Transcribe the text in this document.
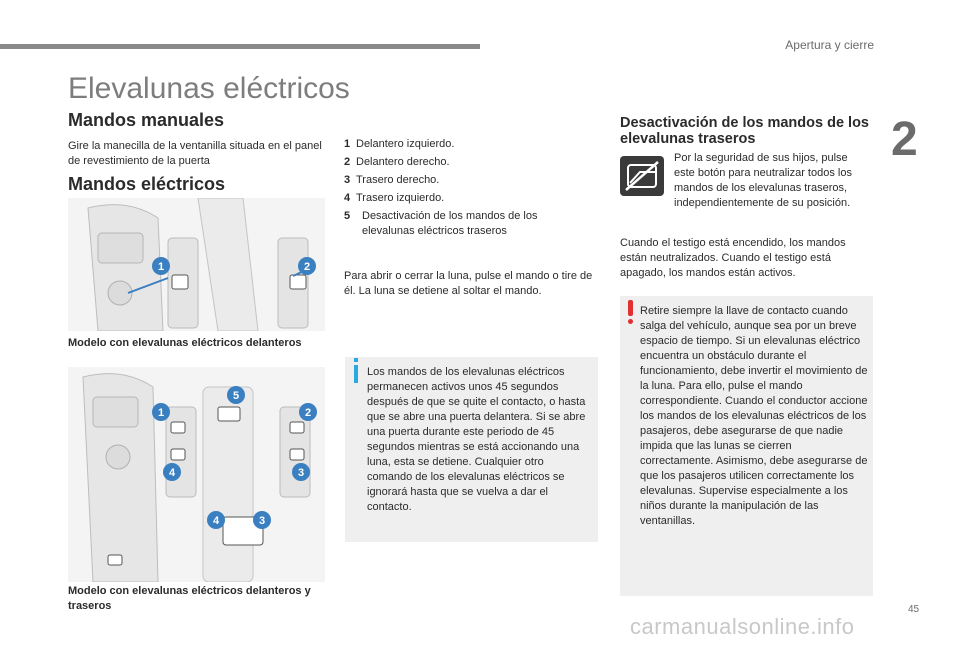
Apertura y cierre
2
Elevalunas eléctricos
Mandos manuales

Gire la manecilla de la ventanilla situada en el panel de revestimiento de la puerta

Mandos eléctricos
1	2
Modelo con elevalunas eléctricos delanteros
5
1	2
4	3
4	3
Modelo con elevalunas eléctricos delanteros y traseros
1 Delantero izquierdo.
2 Delantero derecho.
3 Trasero derecho.
4 Trasero izquierdo.
5	Desactivación de los mandos de los elevalunas eléctricos traseros

Para abrir o cerrar la luna, pulse el mando o tire de él. La luna se detiene al soltar el mando.

Los mandos de los elevalunas eléctricos permanecen activos unos 45 segundos después de que se quite el contacto, o hasta que se abre una puerta delantera. Si se abre una puerta durante este periodo de 45 segundos mientras se está accionando una luna, esta se detiene. Cualquier otro comando de los elevalunas eléctricos se ignorará hasta que se vuelva a dar el contacto.

Desactivación de los mandos de los elevalunas traseros

Por la seguridad de sus hijos, pulse este botón para neutralizar todos los mandos de los elevalunas traseros, independientemente de su posición.

Cuando el testigo está encendido, los mandos están neutralizados. Cuando el testigo está apagado, los mandos están activos.

Retire siempre la llave de contacto cuando salga del vehículo, aunque sea por un breve espacio de tiempo. Si un elevalunas eléctrico encuentra un obstáculo durante el funcionamiento, debe invertir el movimiento de la luna. Para ello, pulse el mando correspondiente. Cuando el conductor accione los mandos de los elevalunas eléctricos de los pasajeros, debe asegurarse de que nadie impida que las lunas se cierren correctamente. Asimismo, debe asegurarse de que los pasajeros utilicen correctamente los elevalunas. Supervise especialmente a los niños durante la manipulación de las ventanillas.

45
carmanualsonline.info
